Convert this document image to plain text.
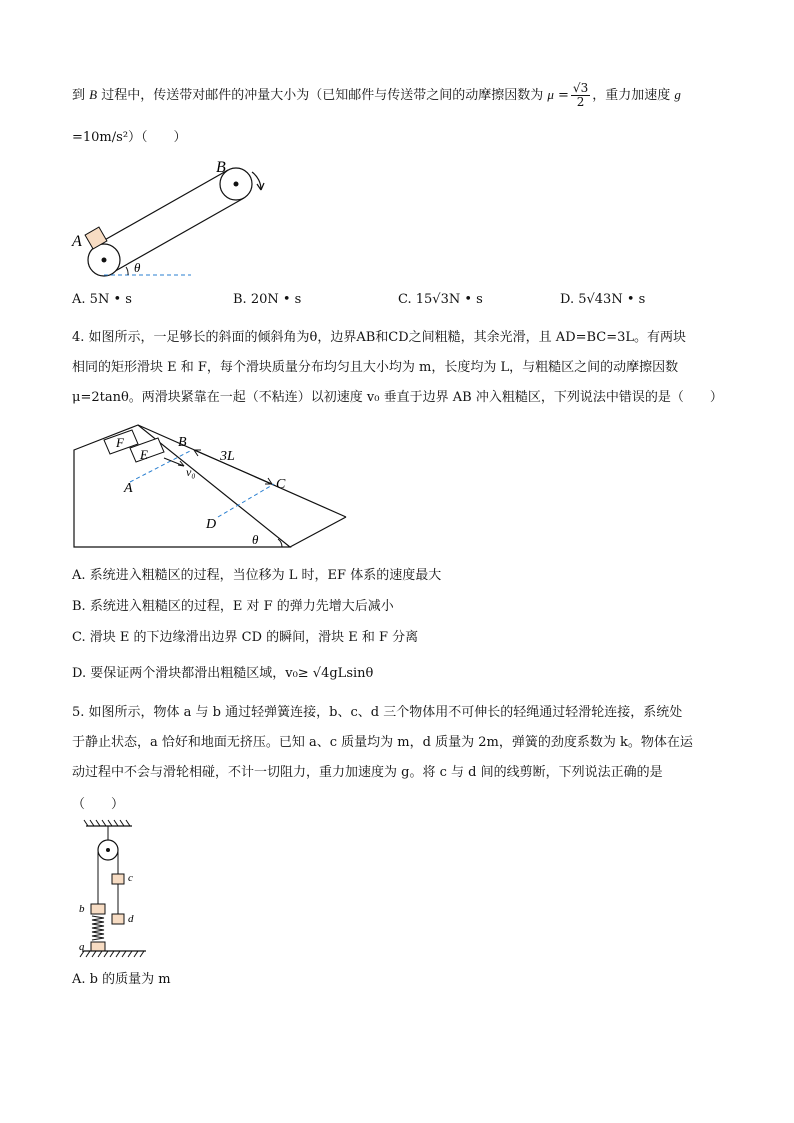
到 B 过程中，传送带对邮件的冲量大小为（已知邮件与传送带之间的动摩擦因数为 $\mu = \frac{√3}{2}$ ，重力加速度 g
=10m/s²）（　　）
A
B
θ
A. 5N • s	B. 20N • s	C. 15√3N • s	D. 5√43N • s
4. 如图所示，一足够长的斜面的倾斜角为θ，边界AB和CD之间粗糙，其余光滑，且 AD=BC=3L。有两块
相同的矩形滑块 E 和 F，每个滑块质量分布均匀且大小均为 m，长度均为 L，与粗糙区之间的动摩擦因数
μ=2tanθ。两滑块紧靠在一起（不粘连）以初速度 v₀ 垂直于边界 AB 冲入粗糙区，下列说法中错误的是（　　）
F
E
B
3L
v₀
A	C
D
θ
A. 系统进入粗糙区的过程，当位移为 L 时，EF 体系的速度最大
B. 系统进入粗糙区的过程，E 对 F 的弹力先增大后减小
C. 滑块 E 的下边缘滑出边界 CD 的瞬间，滑块 E 和 F 分离
D. 要保证两个滑块都滑出粗糙区域，v₀≥ √4gLsinθ
5. 如图所示，物体 a 与 b 通过轻弹簧连接，b、c、d 三个物体用不可伸长的轻绳通过轻滑轮连接，系统处
于静止状态，a 恰好和地面无挤压。已知 a、c 质量均为 m，d 质量为 2m，弹簧的劲度系数为 k。物体在运
动过程中不会与滑轮相碰，不计一切阻力，重力加速度为 g。将 c 与 d 间的线剪断，下列说法正确的是
（　　）
c
d
b
a
A. b 的质量为 m
